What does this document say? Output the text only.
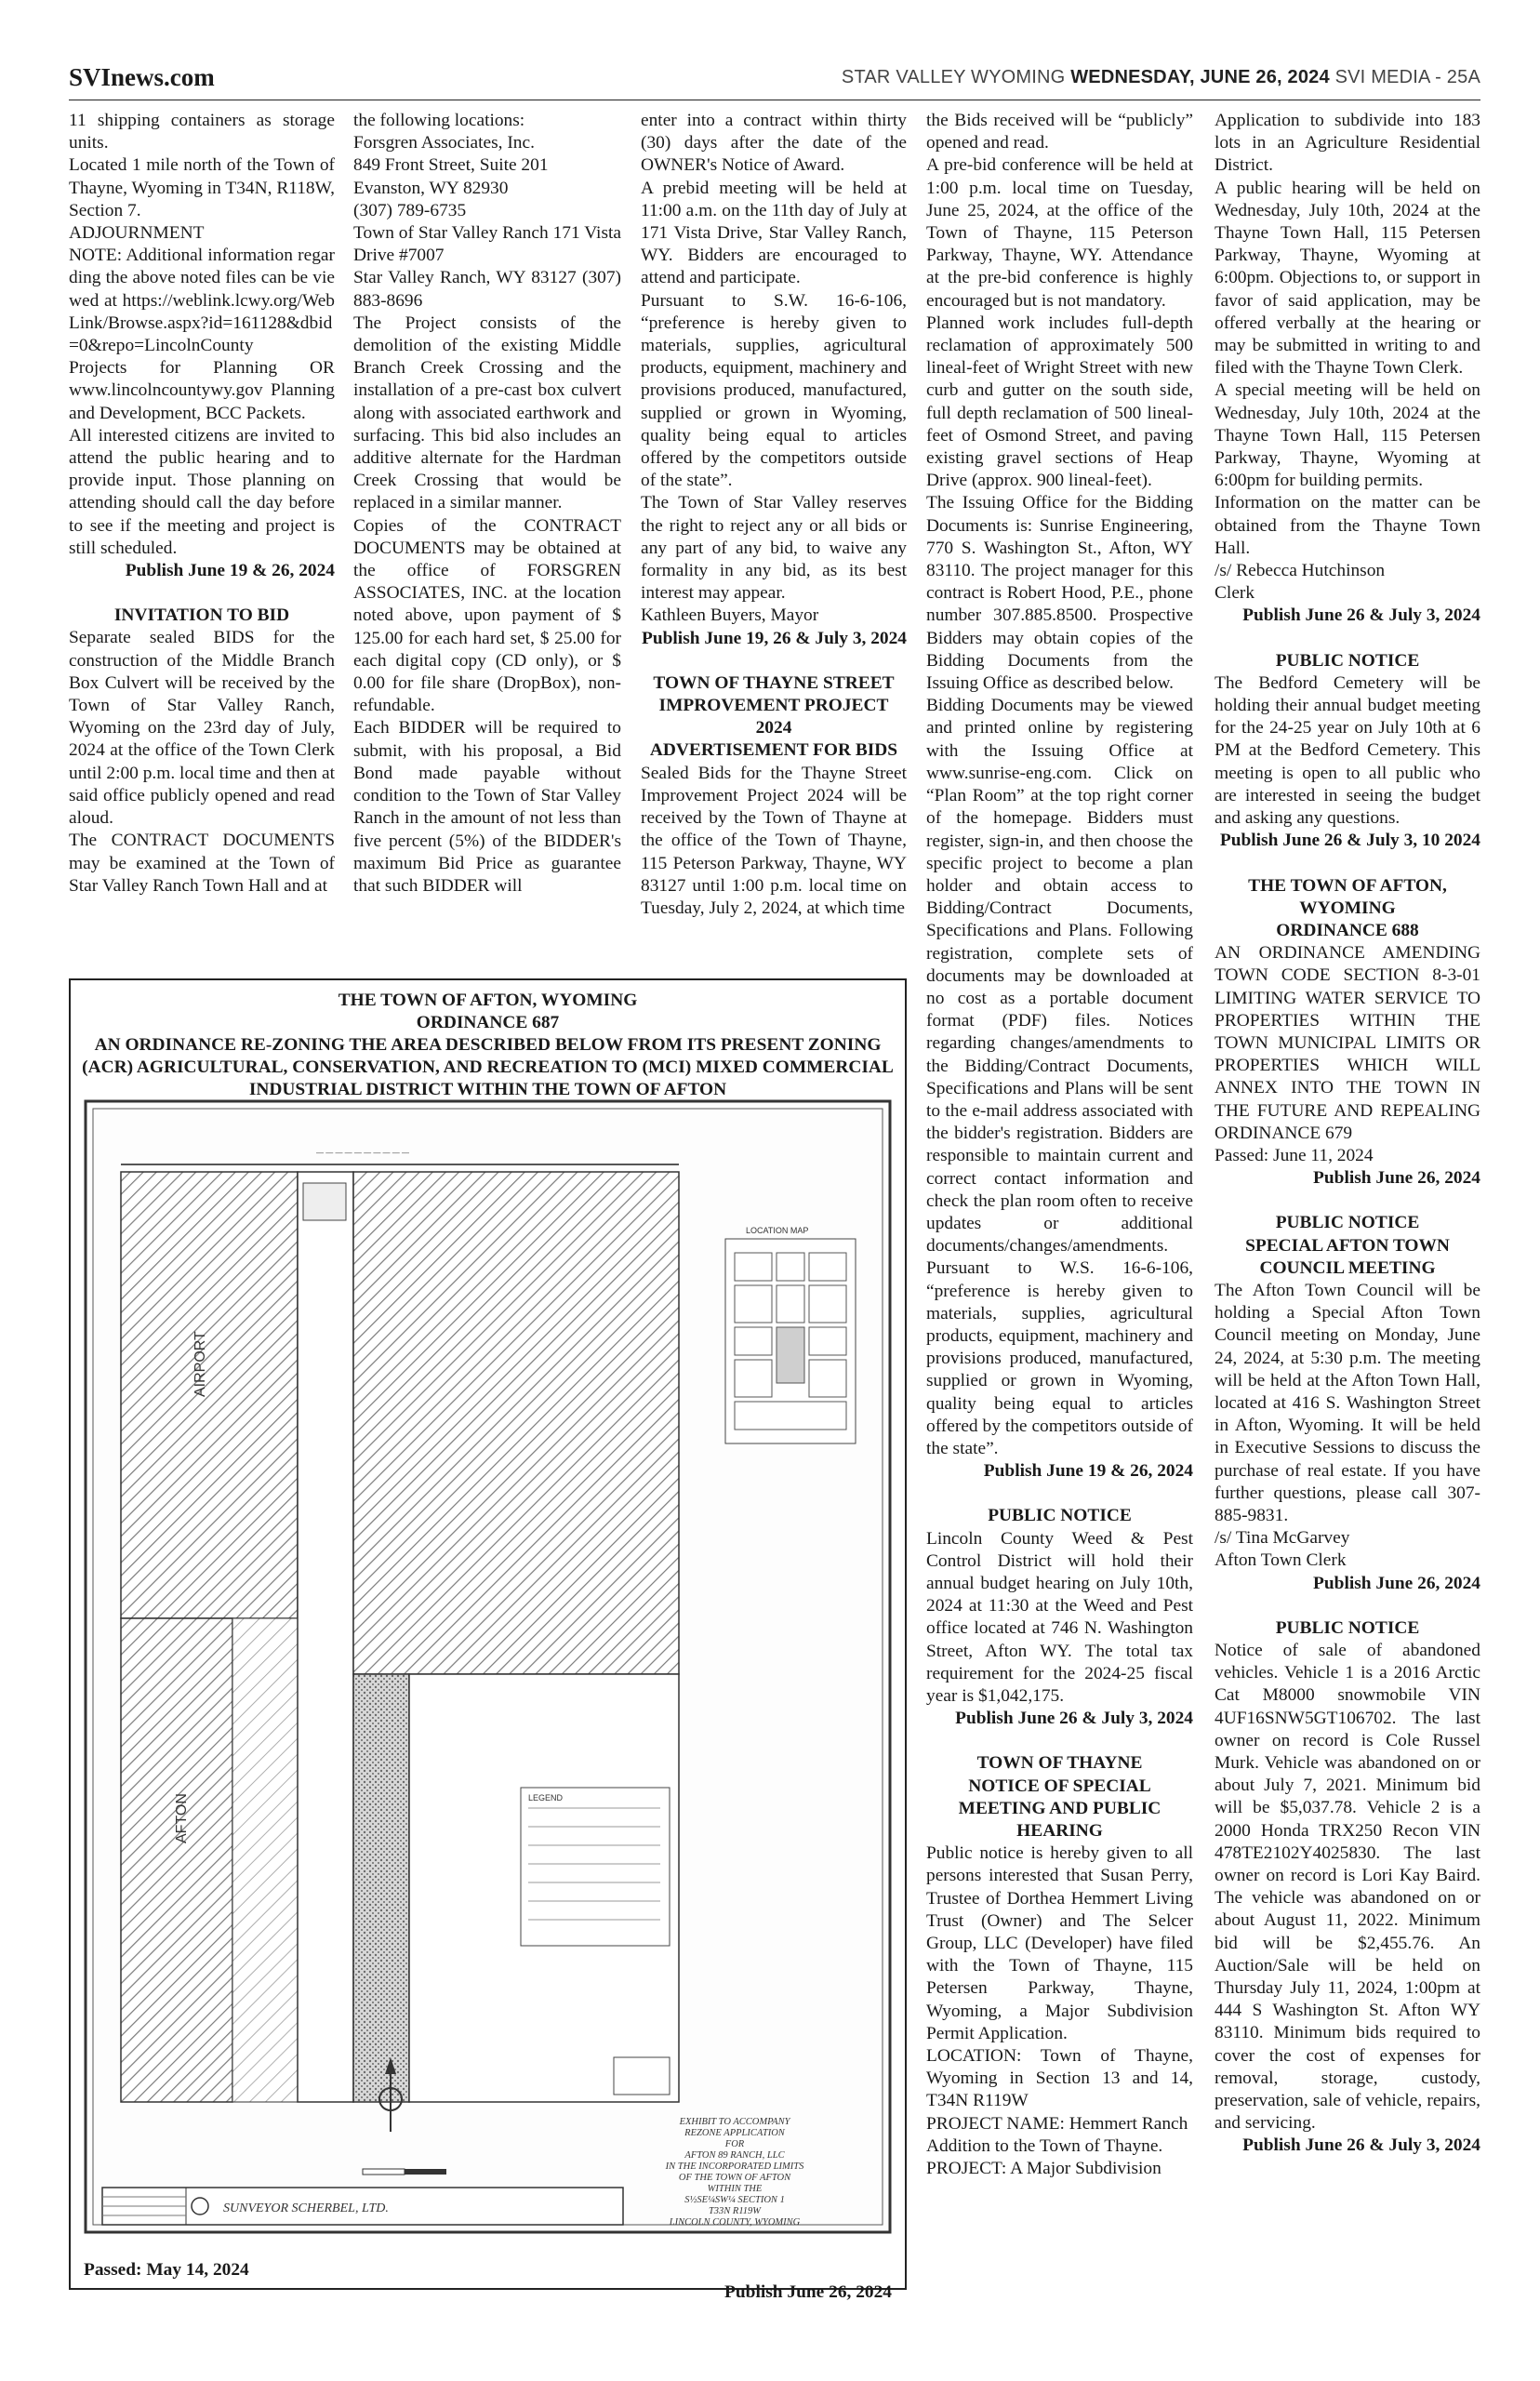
SVInews.com	STAR VALLEY WYOMING WEDNESDAY, JUNE 26, 2024 SVI MEDIA - 25A

11 shipping containers as storage units.

Located 1 mile north of the Town of Thayne, Wyoming in T34N, R118W, Section 7.

ADJOURNMENT

NOTE: Additional information regarding the above noted files can be viewed at https://weblink.lcwy.org/WebLink/Browse.aspx?id=161128&dbid=0&repo=LincolnCounty

Projects for Planning OR www.lincolncountywy.gov Planning and Development, BCC Packets.

All interested citizens are invited to attend the public hearing and to provide input. Those planning on attending should call the day before to see if the meeting and project is still scheduled.

Publish June 19 & 26, 2024

INVITATION TO BID

Separate sealed BIDS for the construction of the Middle Branch Box Culvert will be received by the Town of Star Valley Ranch, Wyoming on the 23rd day of July, 2024 at the office of the Town Clerk until 2:00 p.m. local time and then at said office publicly opened and read aloud.

The CONTRACT DOCUMENTS may be examined at the Town of Star Valley Ranch Town Hall and at

the following locations:

Forsgren Associates, Inc.

849 Front Street, Suite 201

Evanston, WY 82930

(307) 789-6735

Town of Star Valley Ranch 171 Vista Drive #7007

Star Valley Ranch, WY 83127 (307) 883-8696

The Project consists of the demolition of the existing Middle Branch Creek Crossing and the installation of a pre-cast box culvert along with associated earthwork and surfacing. This bid also includes an additive alternate for the Hardman Creek Crossing that would be replaced in a similar manner.

Copies of the CONTRACT DOCUMENTS may be obtained at the office of FORSGREN ASSOCIATES, INC. at the location noted above, upon payment of $ 125.00 for each hard set, $ 25.00 for each digital copy (CD only), or $ 0.00 for file share (DropBox), non-refundable.

Each BIDDER will be required to submit, with his proposal, a Bid Bond made payable without condition to the Town of Star Valley Ranch in the amount of not less than five percent (5%) of the BIDDER's maximum Bid Price as guarantee that such BIDDER will

enter into a contract within thirty (30) days after the date of the OWNER's Notice of Award.

A prebid meeting will be held at 11:00 a.m. on the 11th day of July at 171 Vista Drive, Star Valley Ranch, WY. Bidders are encouraged to attend and participate.

Pursuant to S.W. 16-6-106, “preference is hereby given to materials, supplies, agricultural products, equipment, machinery and provisions produced, manufactured, supplied or grown in Wyoming, quality being equal to articles offered by the competitors outside of the state”.

The Town of Star Valley reserves the right to reject any or all bids or any part of any bid, to waive any formality in any bid, as its best interest may appear.

Kathleen Buyers, Mayor

Publish June 19, 26 & July 3, 2024

TOWN OF THAYNE STREET

IMPROVEMENT PROJECT 2024

ADVERTISEMENT FOR BIDS

Sealed Bids for the Thayne Street Improvement Project 2024 will be received by the Town of Thayne at the office of the Town of Thayne, 115 Peterson Parkway, Thayne, WY 83127 until 1:00 p.m. local time on Tuesday, July 2, 2024, at which time

the Bids received will be “publicly” opened and read.

A pre-bid conference will be held at 1:00 p.m. local time on Tuesday, June 25, 2024, at the office of the Town of Thayne, 115 Peterson Parkway, Thayne, WY. Attendance at the pre-bid conference is highly encouraged but is not mandatory.

Planned work includes full-depth reclamation of approximately 500 lineal-feet of Wright Street with new curb and gutter on the south side, full depth reclamation of 500 lineal-feet of Osmond Street, and paving existing gravel sections of Heap Drive (approx. 900 lineal-feet).

The Issuing Office for the Bidding Documents is: Sunrise Engineering, 770 S. Washington St., Afton, WY 83110. The project manager for this contract is Robert Hood, P.E., phone number 307.885.8500. Prospective Bidders may obtain copies of the Bidding Documents from the Issuing Office as described below.

Bidding Documents may be viewed and printed online by registering with the Issuing Office at www.sunrise-eng.com. Click on “Plan Room” at the top right corner of the homepage. Bidders must register, sign-in, and then choose the specific project to become a plan holder and obtain access to Bidding/Contract Documents, Specifications and Plans. Following registration, complete sets of documents may be downloaded at no cost as a portable document format (PDF) files. Notices regarding changes/amendments to the Bidding/Contract Documents, Specifications and Plans will be sent to the e-mail address associated with the bidder's registration. Bidders are responsible to maintain current and correct contact information and check the plan room often to receive updates or additional documents/changes/amendments.

Pursuant to W.S. 16-6-106, “preference is hereby given to materials, supplies, agricultural products, equipment, machinery and provisions produced, manufactured, supplied or grown in Wyoming, quality being equal to articles offered by the competitors outside of the state”.

Publish June 19 & 26, 2024

PUBLIC NOTICE

Lincoln County Weed & Pest Control District will hold their annual budget hearing on July 10th, 2024 at 11:30 at the Weed and Pest office located at 746 N. Washington Street, Afton WY. The total tax requirement for the 2024-25 fiscal year is $1,042,175.

Publish June 26 & July 3, 2024

TOWN OF THAYNE

NOTICE OF SPECIAL MEETING AND PUBLIC HEARING

Public notice is hereby given to all persons interested that Susan Perry, Trustee of Dorthea Hemmert Living Trust (Owner) and The Selcer Group, LLC (Developer) have filed with the Town of Thayne, 115 Petersen Parkway, Thayne, Wyoming, a Major Subdivision Permit Application.

LOCATION: Town of Thayne, Wyoming in Section 13 and 14, T34N R119W

PROJECT NAME: Hemmert Ranch Addition to the Town of Thayne.

PROJECT: A Major Subdivision

Application to subdivide into 183 lots in an Agriculture Residential District.

A public hearing will be held on Wednesday, July 10th, 2024 at the Thayne Town Hall, 115 Petersen Parkway, Thayne, Wyoming at 6:00pm. Objections to, or support in favor of said application, may be offered verbally at the hearing or may be submitted in writing to and filed with the Thayne Town Clerk.

A special meeting will be held on Wednesday, July 10th, 2024 at the Thayne Town Hall, 115 Petersen Parkway, Thayne, Wyoming at 6:00pm for building permits.

Information on the matter can be obtained from the Thayne Town Hall.

/s/ Rebecca Hutchinson

Clerk

Publish June 26 & July 3, 2024

PUBLIC NOTICE

The Bedford Cemetery will be holding their annual budget meeting for the 24-25 year on July 10th at 6 PM at the Bedford Cemetery. This meeting is open to all public who are interested in seeing the budget and asking any questions.

Publish June 26 & July 3, 10 2024

THE TOWN OF AFTON, WYOMING

ORDINANCE 688

AN ORDINANCE AMENDING TOWN CODE SECTION 8-3-01 LIMITING WATER SERVICE TO PROPERTIES WITHIN THE TOWN MUNICIPAL LIMITS OR PROPERTIES WHICH WILL ANNEX INTO THE TOWN IN THE FUTURE AND REPEALING ORDINANCE 679

Passed: June 11, 2024

Publish June 26, 2024

PUBLIC NOTICE

SPECIAL AFTON TOWN COUNCIL MEETING

The Afton Town Council will be holding a Special Afton Town Council meeting on Monday, June 24, 2024, at 5:30 p.m. The meeting will be held at the Afton Town Hall, located at 416 S. Washington Street in Afton, Wyoming. It will be held in Executive Sessions to discuss the purchase of real estate. If you have further questions, please call 307-885-9831.

/s/ Tina McGarvey

Afton Town Clerk

Publish June 26, 2024

PUBLIC NOTICE

Notice of sale of abandoned vehicles. Vehicle 1 is a 2016 Arctic Cat M8000 snowmobile VIN 4UF16SNW5GT106702. The last owner on record is Cole Russel Murk. Vehicle was abandoned on or about July 7, 2021. Minimum bid will be $5,037.78. Vehicle 2 is a 2000 Honda TRX250 Recon VIN 478TE2102Y4025830. The last owner on record is Lori Kay Baird. The vehicle was abandoned on or about August 11, 2022. Minimum bid will be $2,455.76. An Auction/Sale will be held on Thursday July 11, 2024, 1:00pm at 444 S Washington St. Afton WY 83110. Minimum bids required to cover the cost of expenses for removal, storage, custody, preservation, sale of vehicle, repairs, and servicing.

Publish June 26 & July 3, 2024

THE TOWN OF AFTON, WYOMING
ORDINANCE 687
AN ORDINANCE RE-ZONING THE AREA DESCRIBED BELOW FROM ITS PRESENT ZONING (ACR) AGRICULTURAL, CONSERVATION, AND RECREATION TO (MCI) MIXED COMMERCIAL INDUSTRIAL DISTRICT WITHIN THE TOWN OF AFTON
— — — — — — — — — —
LEGEND
LOCATION MAP
AIRPORT
AFTON
EXHIBIT TO ACCOMPANY
REZONE APPLICATION
FOR
AFTON 89 RANCH, LLC
IN THE INCORPORATED LIMITS
OF THE TOWN OF AFTON
WITHIN THE
S½SE¼SW¼ SECTION 1
T33N R119W
LINCOLN COUNTY, WYOMING
SUNVEYOR SCHERBEL, LTD.
Passed: May 14, 2024
Publish June 26, 2024
